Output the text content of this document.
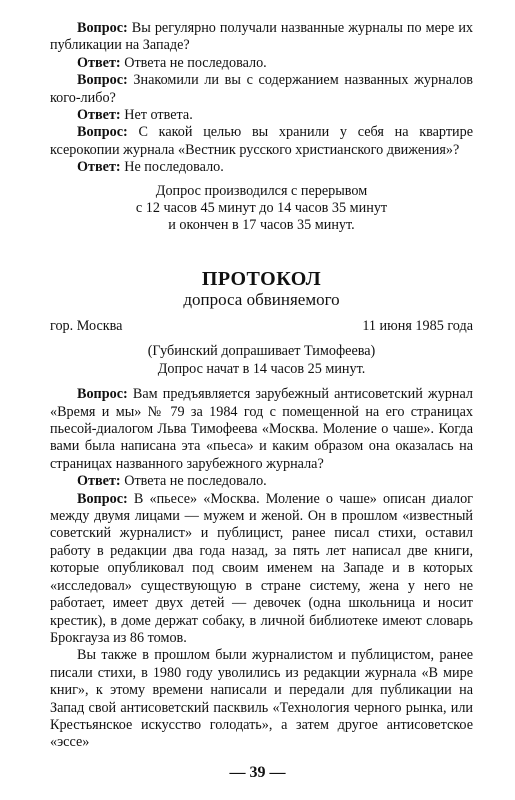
Вопрос: Вы регулярно получали названные журналы по мере их публикации на Западе?

Ответ: Ответа не последовало.

Вопрос: Знакомили ли вы с содержанием названных журналов кого-либо?

Ответ: Нет ответа.

Вопрос: С какой целью вы хранили у себя на квартире ксерокопии журнала «Вестник русского христианского движения»?

Ответ: Не последовало.

Допрос производился с перерывом

с 12 часов 45 минут до 14 часов 35 минут

и окончен в 17 часов 35 минут.

ПРОТОКОЛ
допроса обвиняемого
гор. Москва	11 июня 1985 года

(Губинский допрашивает Тимофеева)

Допрос начат в 14 часов 25 минут.

Вопрос: Вам предъявляется зарубежный антисоветский журнал «Время и мы» № 79 за 1984 год с помещенной на его страницах пьесой-диалогом Льва Тимофеева «Москва. Моление о чаше». Когда вами была написана эта «пьеса» и каким образом она оказалась на страницах названного зарубежного журнала?

Ответ: Ответа не последовало.

Вопрос: В «пьесе» «Москва. Моление о чаше» описан диалог между двумя лицами — мужем и женой. Он в прошлом «известный советский журналист» и публицист, ранее писал стихи, оставил работу в редакции два года назад, за пять лет написал две книги, которые опубликовал под своим именем на Западе и в которых «исследовал» существующую в стране систему, жена у него не работает, имеет двух детей — девочек (одна школьница и носит крестик), в доме держат собаку, в личной библиотеке имеют словарь Брокгауза из 86 томов.

Вы также в прошлом были журналистом и публицистом, ранее писали стихи, в 1980 году уволились из редакции журнала «В мире книг», к этому времени написали и передали для публикации на Запад свой антисоветский пасквиль «Технология черного рынка, или Крестьянское искусство голодать», а затем другое антисоветское «эссе»

— 39 —
